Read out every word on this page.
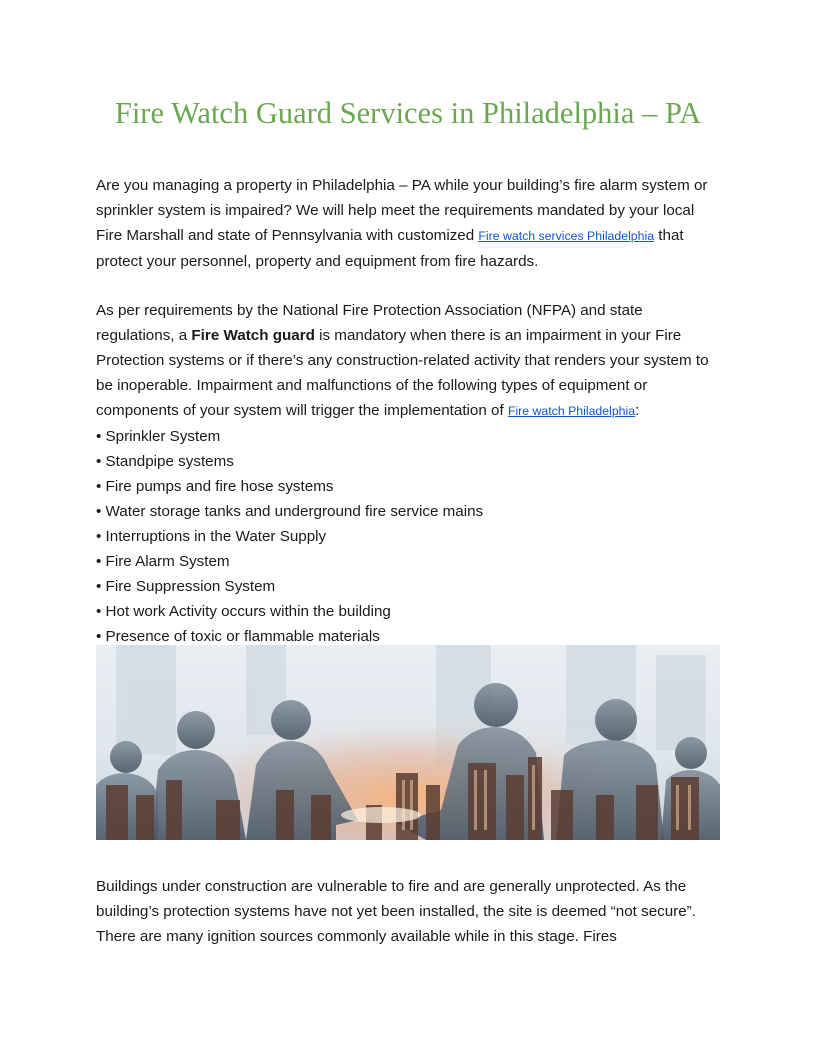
Fire Watch Guard Services in Philadelphia – PA

Are you managing a property in Philadelphia – PA while your building’s fire alarm system or sprinkler system is impaired? We will help meet the requirements mandated by your local Fire Marshall and state of Pennsylvania with customized Fire watch services Philadelphia that protect your personnel, property and equipment from fire hazards.

As per requirements by the National Fire Protection Association (NFPA) and state regulations, a Fire Watch guard is mandatory when there is an impairment in your Fire Protection systems or if there’s any construction-related activity that renders your system to be inoperable. Impairment and malfunctions of the following types of equipment or components of your system will trigger the implementation of Fire watch Philadelphia:

• Sprinkler System
• Standpipe systems
• Fire pumps and fire hose systems
• Water storage tanks and underground fire service mains
• Interruptions in the Water Supply
• Fire Alarm System
• Fire Suppression System
• Hot work Activity occurs within the building
• Presence of toxic or flammable materials

Buildings under construction are vulnerable to fire and are generally unprotected. As the building’s protection systems have not yet been installed, the site is deemed “not secure”. There are many ignition sources commonly available while in this stage. Fires
